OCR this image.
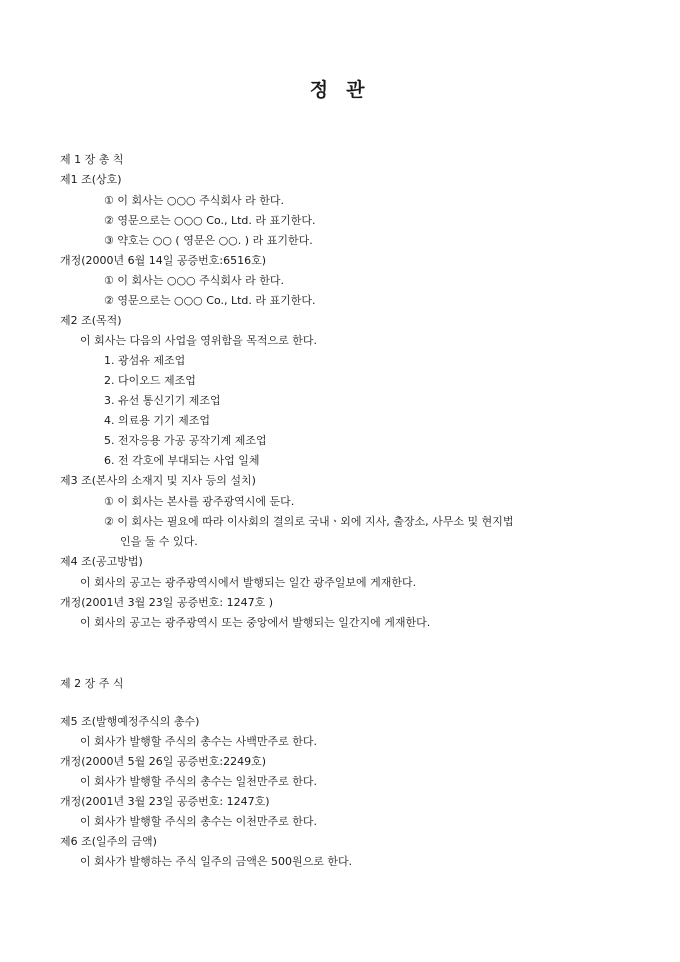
정 관
제 1 장 총 칙
제1 조(상호)
① 이 회사는 ○○○ 주식회사 라 한다.
② 영문으로는 ○○○ Co., Ltd. 라 표기한다.
③ 약호는 ○○ ( 영문은 ○○. ) 라 표기한다.
개정(2000년 6월 14일 공증번호:6516호)
① 이 회사는 ○○○ 주식회사 라 한다.
② 영문으로는 ○○○ Co., Ltd. 라 표기한다.
제2 조(목적)
이 회사는 다음의 사업을 영위함을 목적으로 한다.
1. 광섬유 제조업
2. 다이오드 제조업
3. 유선 통신기기 제조업
4. 의료용 기기 제조업
5. 전자응용 가공 공작기계 제조업
6. 전 각호에 부대되는 사업 일체
제3 조(본사의 소재지 및 지사 등의 설치)
① 이 회사는 본사를 광주광역시에 둔다.
② 이 회사는 필요에 따라 이사회의 결의로 국내ㆍ외에 지사, 출장소, 사무소 및 현지법
인을 둘 수 있다.
제4 조(공고방법)
이 회사의 공고는 광주광역시에서 발행되는 일간 광주일보에 게재한다.
개정(2001년 3월 23일 공증번호: 1247호 )
이 회사의 공고는 광주광역시 또는 중앙에서 발행되는 일간지에 게재한다.
제 2 장 주 식
제5 조(발행예정주식의 총수)
이 회사가 발행할 주식의 총수는 사백만주로 한다.
개정(2000년 5월 26일 공증번호:2249호)
이 회사가 발행할 주식의 총수는 일천만주로 한다.
개정(2001년 3월 23일 공증번호: 1247호)
이 회사가 발행할 주식의 총수는 이천만주로 한다.
제6 조(일주의 금액)
이 회사가 발행하는 주식 일주의 금액은 500원으로 한다.
